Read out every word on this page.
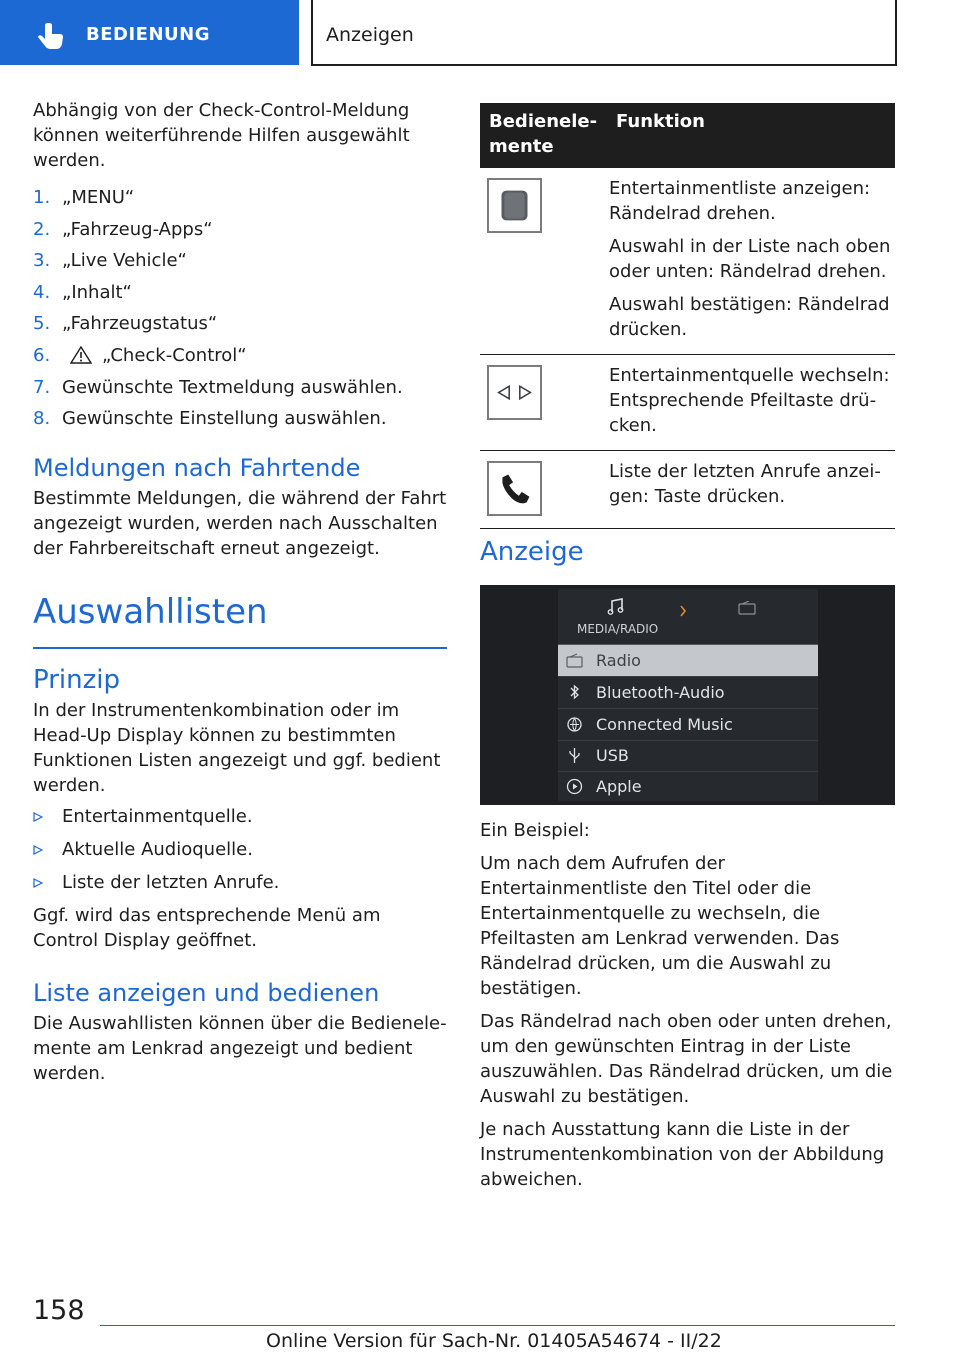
BEDIENUNG	Anzeigen

Abhängig von der Check-Control-Meldung können weiterführende Hilfen ausgewählt werden.

1. „MENU“
2. „Fahrzeug-Apps“
3. „Live Vehicle“
4. „Inhalt“
5. „Fahrzeugstatus“
6.	„Check-Control“
7. Gewünschte Textmeldung auswählen.
8. Gewünschte Einstellung auswählen.
Meldungen nach Fahrtende

Bestimmte Meldungen, die während der Fahrt angezeigt wurden, werden nach Ausschalten der Fahrbereitschaft erneut angezeigt.

Auswahllisten
Prinzip

In der Instrumentenkombination oder im Head-Up Display können zu bestimmten Funktionen Listen angezeigt und ggf. bedient werden.

Entertainmentquelle.
Aktuelle Audioquelle.
Liste der letzten Anrufe.

Ggf. wird das entsprechende Menü am Control Display geöffnet.

Liste anzeigen und bedienen

Die Auswahllisten können über die Bedienelemente am Lenkrad angezeigt und bedient werden.

Bedienelemente	Funktion

Entertainmentliste anzeigen: Rändelrad drehen.

Auswahl in der Liste nach oben oder unten: Rändelrad drehen.

Auswahl bestätigen: Rändelrad drücken.

Entertainmentquelle wechseln: Entsprechende Pfeiltaste drücken.

Liste der letzten Anrufe anzeigen: Taste drücken.

Anzeige
MEDIA/RADIO
Radio
Bluetooth-Audio
Connected Music
USB
Apple

Ein Beispiel:

Um nach dem Aufrufen der Entertainmentliste den Titel oder die Entertainmentquelle zu wechseln, die Pfeiltasten am Lenkrad verwenden. Das Rändelrad drücken, um die Auswahl zu bestätigen.

Das Rändelrad nach oben oder unten drehen, um den gewünschten Eintrag in der Liste auszuwählen. Das Rändelrad drücken, um die Auswahl zu bestätigen.

Je nach Ausstattung kann die Liste in der Instrumentenkombination von der Abbildung abweichen.

158
Online Version für Sach-Nr. 01405A54674 - II/22
